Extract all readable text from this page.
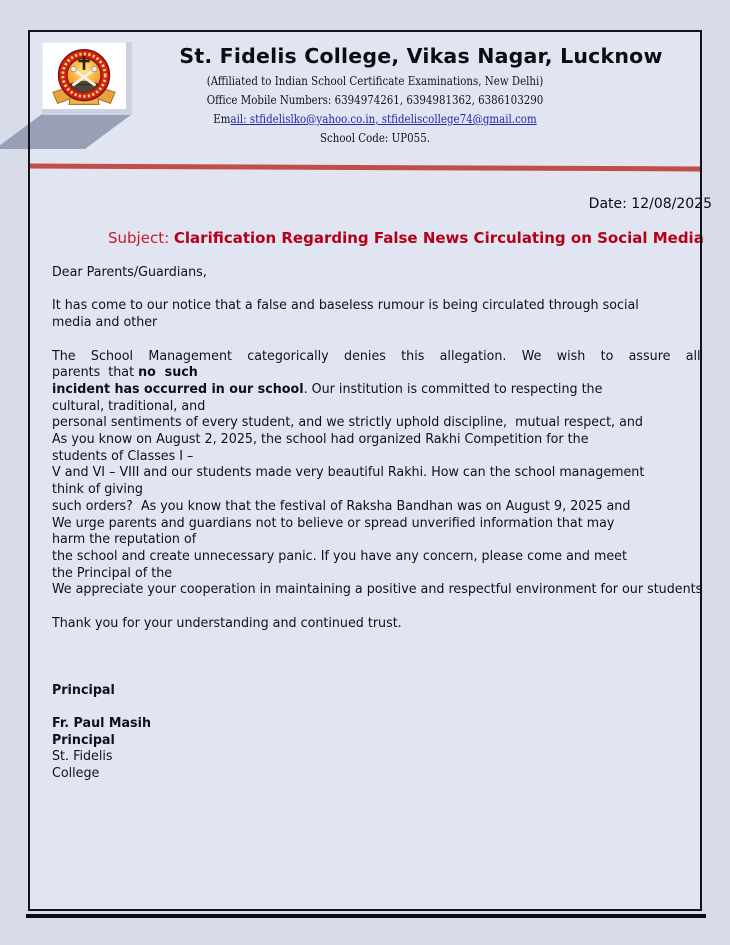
St. Fidelis College, Vikas Nagar, Lucknow
(Affiliated to Indian School Certificate Examinations, New Delhi)
Office Mobile Numbers: 6394974261, 6394981362, 6386103290
Email: stfidelislko@yahoo.co.in, stfideliscollege74@gmail.com
School Code: UP055.
Date: 12/08/2025
Subject: Clarification Regarding False News Circulating on Social Media
Dear Parents/Guardians,

It has come to our notice that a false and baseless rumour is being circulated through social
media and other

The School Management categorically denies this allegation. We wish to assure all
parents  that no  such
incident has occurred in our school. Our institution is committed to respecting the
cultural, traditional, and
personal sentiments of every student, and we strictly uphold discipline,  mutual respect, and
As you know on August 2, 2025, the school had organized Rakhi Competition for the
students of Classes I –
V and VI – VIII and our students made very beautiful Rakhi. How can the school management
think of giving
such orders?  As you know that the festival of Raksha Bandhan was on August 9, 2025 and
We urge parents and guardians not to believe or spread unverified information that may
harm the reputation of
the school and create unnecessary panic. If you have any concern, please come and meet
the Principal of the
We appreciate your cooperation in maintaining a positive and respectful environment for our students

Thank you for your understanding and continued trust.

Principal

Fr. Paul Masih
Principal
St. Fidelis
College
